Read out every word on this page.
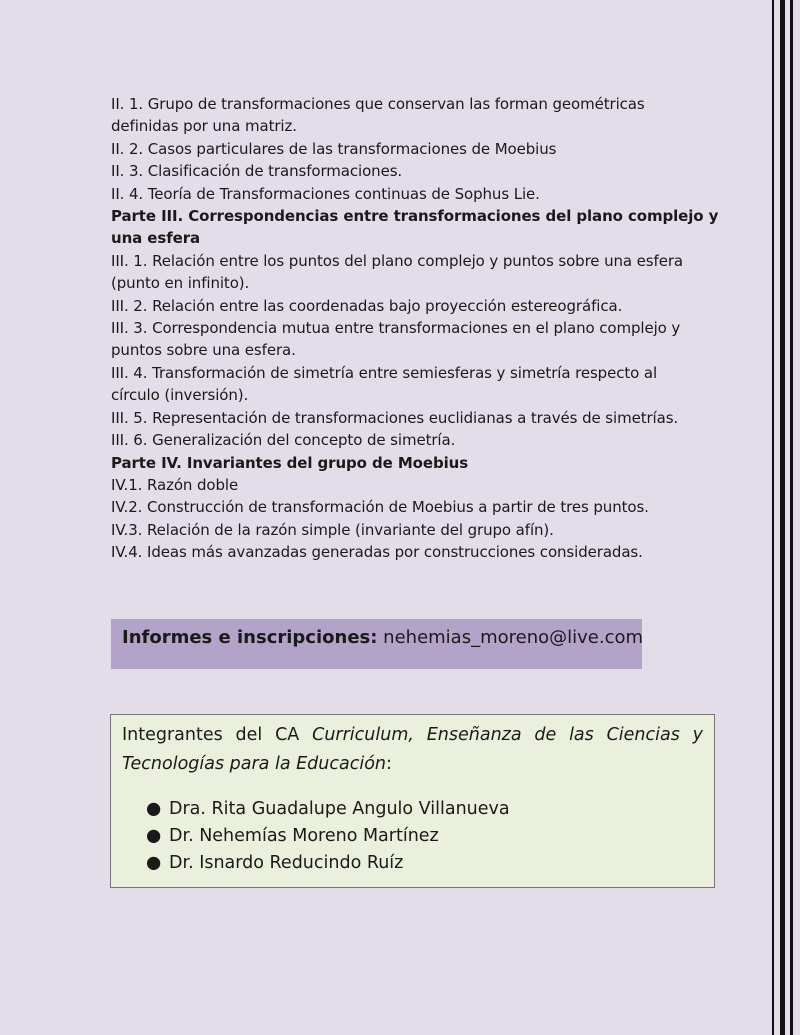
II. 1. Grupo de transformaciones que conservan las forman geométricas
definidas por una matriz.
II. 2. Casos particulares de las transformaciones de Moebius
II. 3. Clasificación de transformaciones.
II. 4. Teoría de Transformaciones continuas de Sophus Lie.
Parte III. Correspondencias entre transformaciones del plano complejo y
una esfera
III. 1. Relación entre los puntos del plano complejo y puntos sobre una esfera
(punto en infinito).
III. 2. Relación entre las coordenadas bajo proyección estereográfica.
III. 3. Correspondencia mutua entre transformaciones en el plano complejo y
puntos sobre una esfera.
III. 4. Transformación de simetría entre semiesferas y simetría respecto al
círculo (inversión).
III. 5. Representación de transformaciones euclidianas a través de simetrías.
III. 6. Generalización del concepto de simetría.
Parte IV. Invariantes del grupo de Moebius
IV.1. Razón doble
IV.2. Construcción de transformación de Moebius a partir de tres puntos.
IV.3. Relación de la razón simple (invariante del grupo afín).
IV.4. Ideas más avanzadas generadas por construcciones consideradas.
Informes e inscripciones: nehemias_moreno@live.com
Integrantes del CA Curriculum, Enseñanza de las Ciencias y Tecnologías para la Educación:
● Dra. Rita Guadalupe Angulo Villanueva
● Dr. Nehemías Moreno Martínez
● Dr. Isnardo Reducindo Ruíz
